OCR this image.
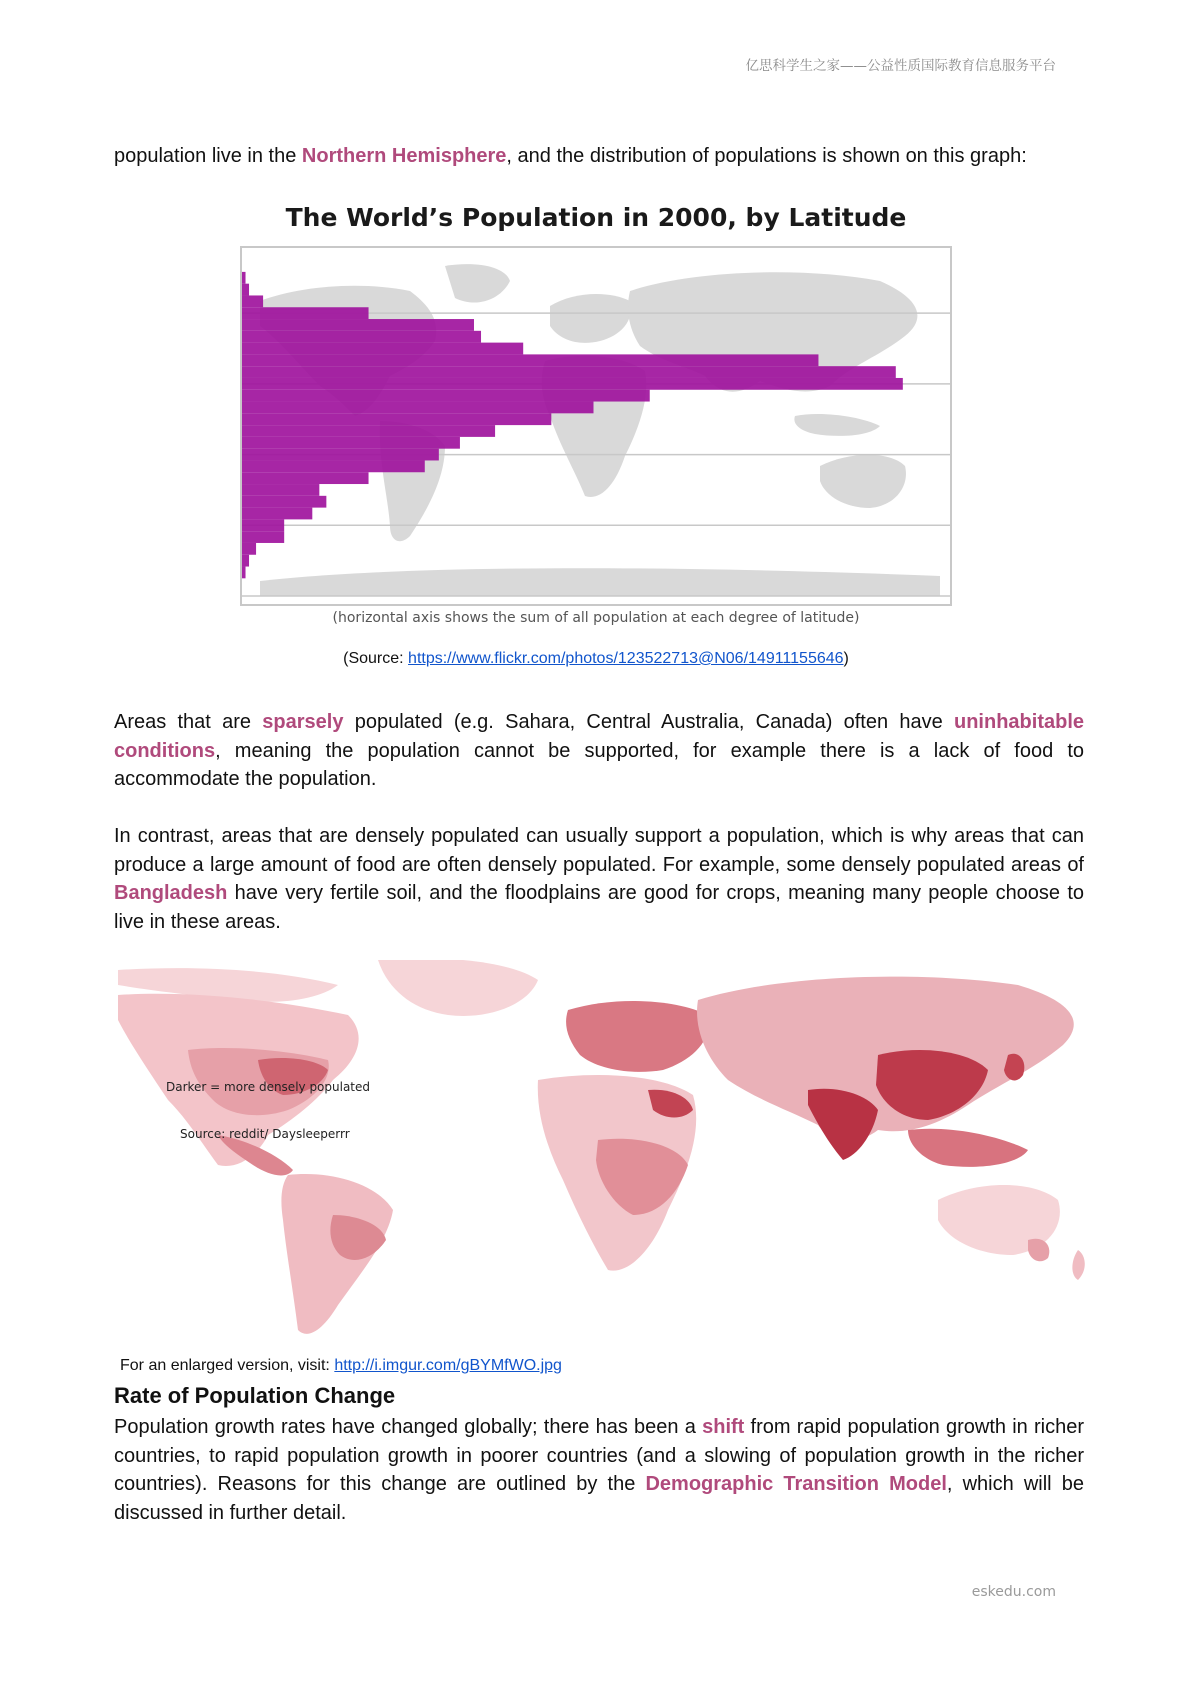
亿思科学生之家——公益性质国际教育信息服务平台

population live in the Northern Hemisphere, and the distribution of populations is shown on this graph:

The World’s Population in 2000, by Latitude
(horizontal axis shows the sum of all population at each degree of latitude)
(Source: https://www.flickr.com/photos/123522713@N06/14911155646)

Areas that are sparsely populated (e.g. Sahara, Central Australia, Canada) often have uninhabitable conditions, meaning the population cannot be supported, for example there is a lack of food to accommodate the population.

In contrast, areas that are densely populated can usually support a population, which is why areas that can produce a large amount of food are often densely populated. For example, some densely populated areas of Bangladesh have very fertile soil, and the floodplains are good for crops, meaning many people choose to live in these areas.

Darker = more densely populated
Source: reddit/ Daysleeperrr
For an enlarged version, visit: http://i.imgur.com/gBYMfWO.jpg
Rate of Population Change

Population growth rates have changed globally; there has been a shift from rapid population growth in richer countries, to rapid population growth in poorer countries (and a slowing of population growth in the richer countries). Reasons for this change are outlined by the Demographic Transition Model, which will be discussed in further detail.

eskedu.com
